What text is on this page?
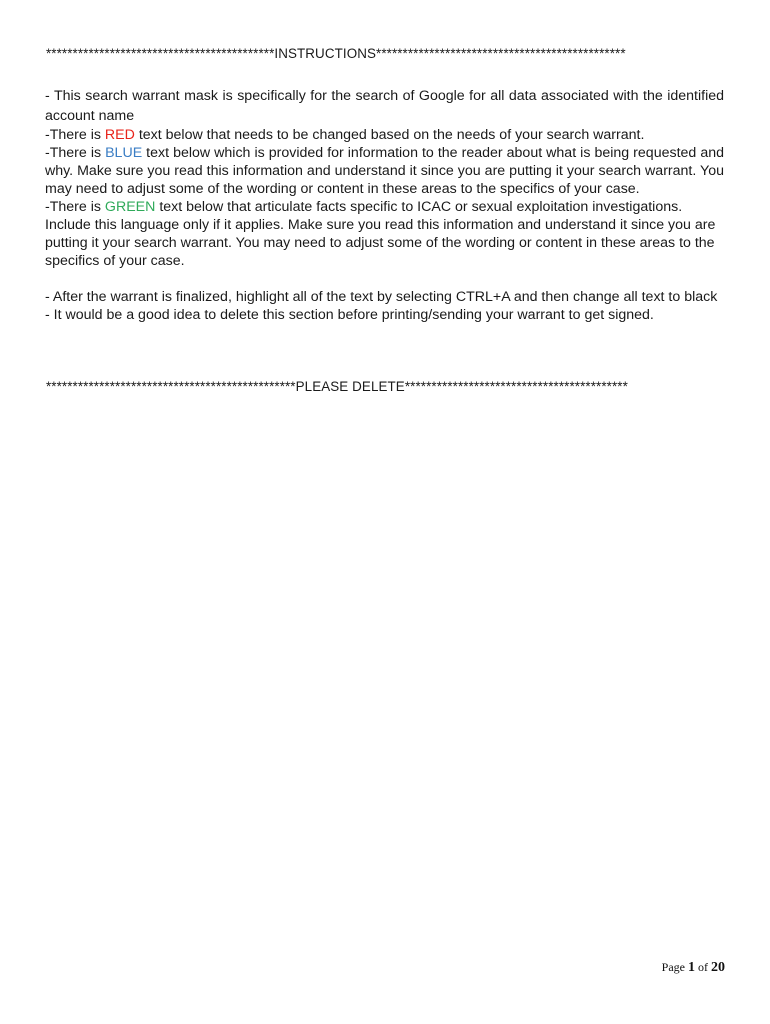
*******************************************INSTRUCTIONS***********************************************

- This search warrant mask is specifically for the search of Google for all data associated with the identified account name

-There is RED text below that needs to be changed based on the needs of your search warrant.

-There is BLUE text below which is provided for information to the reader about what is being requested and why. Make sure you read this information and understand it since you are putting it your search warrant. You may need to adjust some of the wording or content in these areas to the specifics of your case.

-There is GREEN text below that articulate facts specific to ICAC or sexual exploitation investigations. Include this language only if it applies. Make sure you read this information and understand it since you are putting it your search warrant. You may need to adjust some of the wording or content in these areas to the specifics of your case.

- After the warrant is finalized, highlight all of the text by selecting CTRL+A and then change all text to black

- It would be a good idea to delete this section before printing/sending your warrant to get signed.

***********************************************PLEASE DELETE******************************************
Page 1 of 20
